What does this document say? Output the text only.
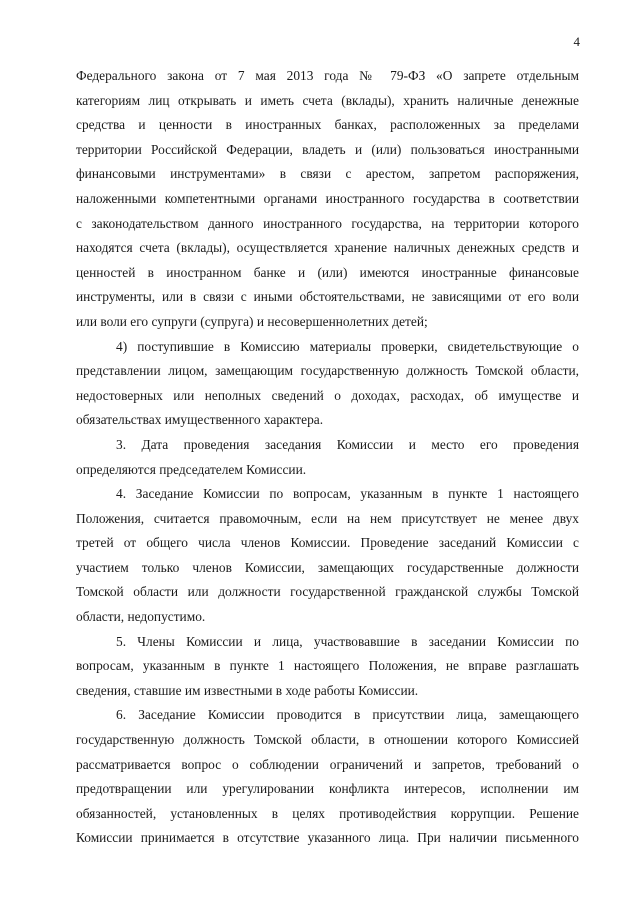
4
Федерального закона от 7 мая 2013 года № 79-ФЗ «О запрете отдельным
категориям лиц открывать и иметь счета (вклады), хранить наличные денежные
средства и ценности в иностранных банках, расположенных за пределами
территории Российской Федерации, владеть и (или) пользоваться иностранными
финансовыми инструментами» в связи с арестом, запретом распоряжения,
наложенными компетентными органами иностранного государства в соответствии
с законодательством данного иностранного государства, на территории которого
находятся счета (вклады), осуществляется хранение наличных денежных средств и
ценностей в иностранном банке и (или) имеются иностранные финансовые
инструменты, или в связи с иными обстоятельствами, не зависящими от его воли
или воли его супруги (супруга) и несовершеннолетних детей;
4) поступившие в Комиссию материалы проверки, свидетельствующие о
представлении лицом, замещающим государственную должность Томской области,
недостоверных или неполных сведений о доходах, расходах, об имуществе и
обязательствах имущественного характера.
3. Дата проведения заседания Комиссии и место его проведения
определяются председателем Комиссии.
4. Заседание Комиссии по вопросам, указанным в пункте 1 настоящего
Положения, считается правомочным, если на нем присутствует не менее двух
третей от общего числа членов Комиссии. Проведение заседаний Комиссии с
участием только членов Комиссии, замещающих государственные должности
Томской области или должности государственной гражданской службы Томской
области, недопустимо.
5. Члены Комиссии и лица, участвовавшие в заседании Комиссии по
вопросам, указанным в пункте 1 настоящего Положения, не вправе разглашать
сведения, ставшие им известными в ходе работы Комиссии.
6. Заседание Комиссии проводится в присутствии лица, замещающего
государственную должность Томской области, в отношении которого Комиссией
рассматривается вопрос о соблюдении ограничений и запретов, требований о
предотвращении или урегулировании конфликта интересов, исполнении им
обязанностей, установленных в целях противодействия коррупции. Решение
Комиссии принимается в отсутствие указанного лица. При наличии письменного
